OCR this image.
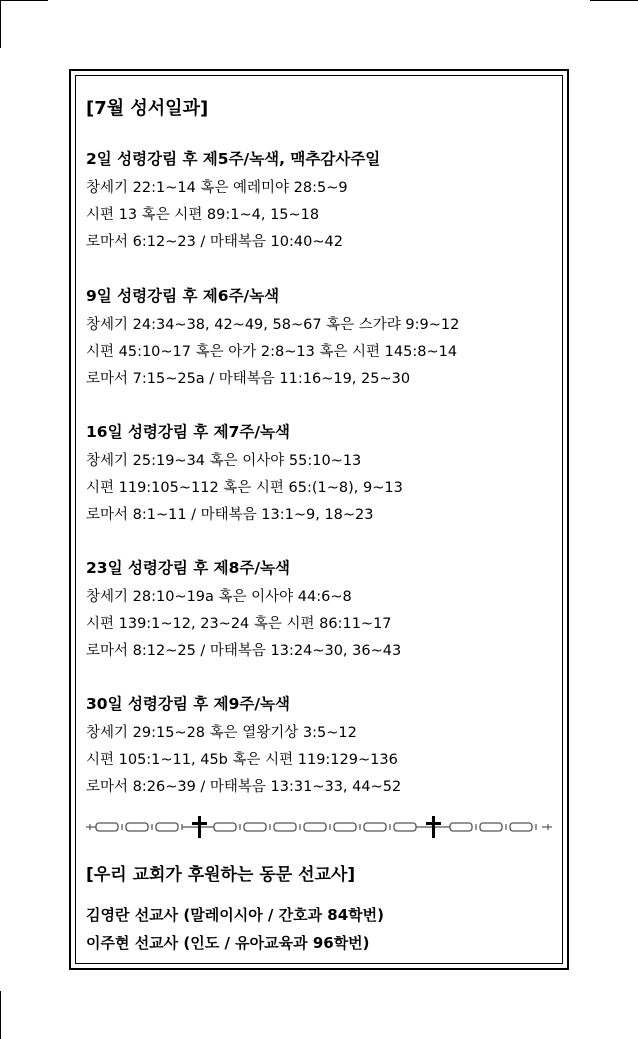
[7월 성서일과]
2일 성령강림 후 제5주/녹색, 맥추감사주일
창세기 22:1~14 혹은 예레미야 28:5~9
시편 13 혹은 시편 89:1~4, 15~18
로마서 6:12~23 / 마태복음 10:40~42
9일 성령강림 후 제6주/녹색
창세기 24:34~38, 42~49, 58~67 혹은 스가랴 9:9~12
시편 45:10~17 혹은 아가 2:8~13 혹은 시편 145:8~14
로마서 7:15~25a / 마태복음 11:16~19, 25~30
16일 성령강림 후 제7주/녹색
창세기 25:19~34 혹은 이사야 55:10~13
시편 119:105~112 혹은 시편 65:(1~8), 9~13
로마서 8:1~11 / 마태복음 13:1~9, 18~23
23일 성령강림 후 제8주/녹색
창세기 28:10~19a 혹은 이사야 44:6~8
시편 139:1~12, 23~24 혹은 시편 86:11~17
로마서 8:12~25 / 마태복음 13:24~30, 36~43
30일 성령강림 후 제9주/녹색
창세기 29:15~28 혹은 열왕기상 3:5~12
시편 105:1~11, 45b 혹은 시편 119:129~136
로마서 8:26~39 / 마태복음 13:31~33, 44~52
[우리 교회가 후원하는 동문 선교사]
김영란 선교사 (말레이시아 / 간호과 84학번)
이주현 선교사 (인도 / 유아교육과 96학번)
